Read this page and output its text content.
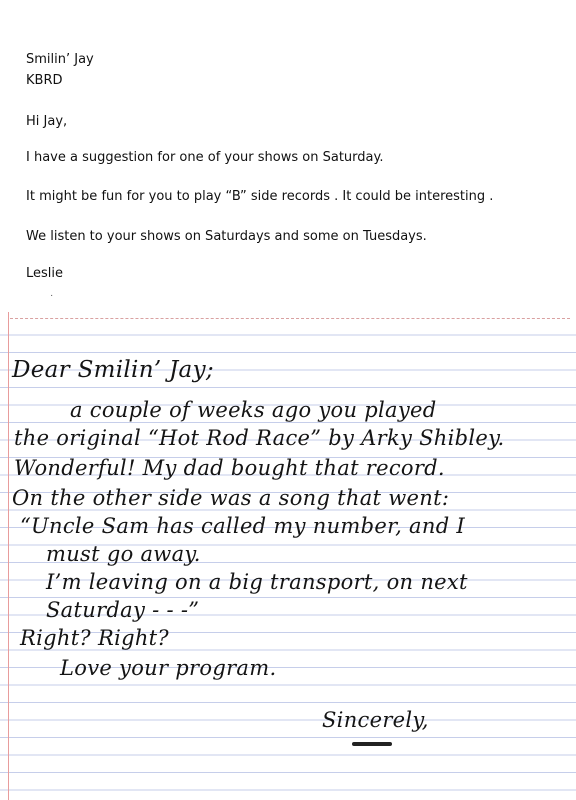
Smilin’ Jay
KBRD
Hi Jay,
I have a suggestion for one of your shows on Saturday.
It might be fun for you to play “B” side records . It could be interesting .
We listen to your shows on Saturdays and some on Tuesdays.
Leslie
·
Dear Smilin’ Jay;
a couple of weeks ago you played
the original “Hot Rod Race” by Arky Shibley.
Wonderful! My dad bought that record.
On the other side was a song that went:
“Uncle Sam has called my number, and I
must go away.
I’m leaving on a big transport, on next
Saturday - - -”
Right? Right?
Love your program.
Sincerely,
